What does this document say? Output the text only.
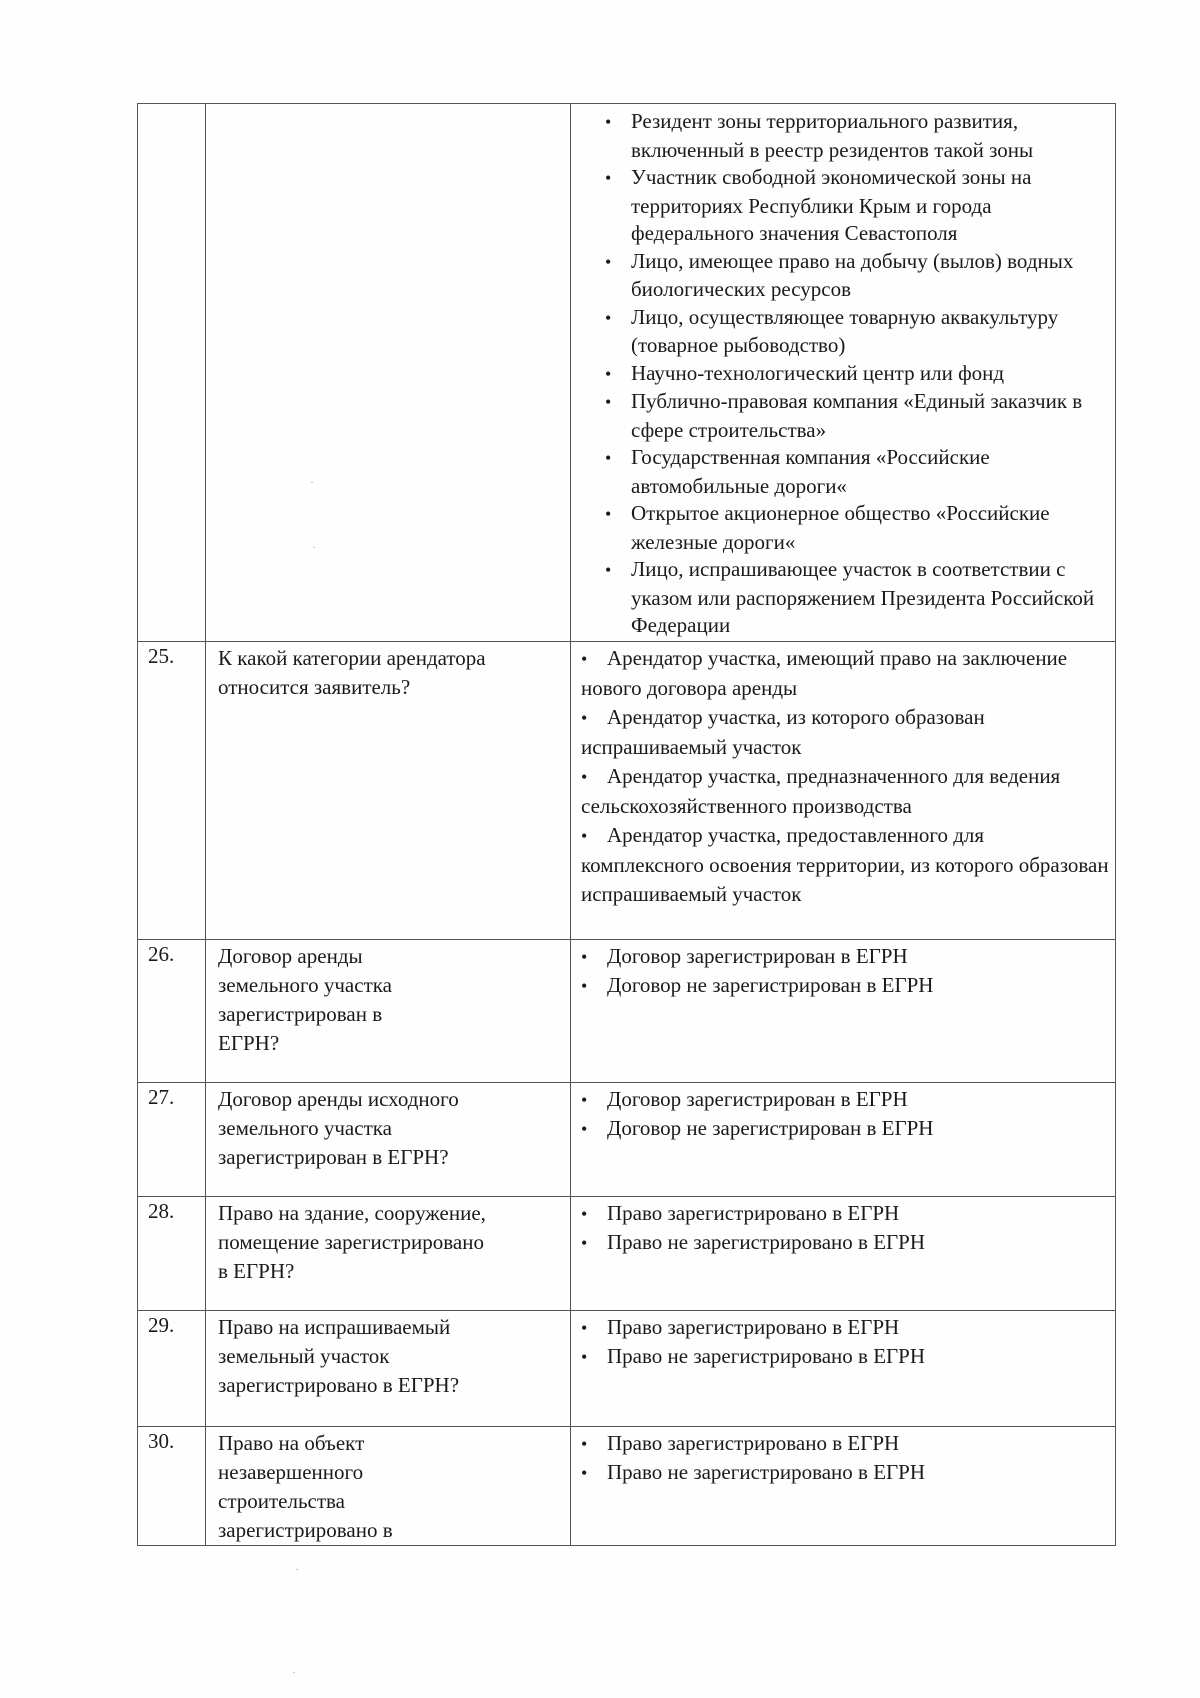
• Резидент зоны территориального развития, включенный в реестр резидентов такой зоны
• Участник свободной экономической зоны на территориях Республики Крым и города федерального значения Севастополя
• Лицо, имеющее право на добычу (вылов) водных биологических ресурсов
• Лицо, осуществляющее товарную аквакультуру (товарное рыбоводство)
• Научно-технологический центр или фонд
• Публично-правовая компания «Единый заказчик в сфере строительства»
• Государственная компания «Российские автомобильные дороги«
• Открытое акционерное общество «Российские железные дороги«
• Лицо, испрашивающее участок в соответствии с указом или распоряжением Президента Российской Федерации
25.	К какой категории арендатора относится заявитель?
• Арендатор участка, имеющий право на заключение нового договора аренды
• Арендатор участка, из которого образован испрашиваемый участок
• Арендатор участка, предназначенного для ведения сельскохозяйственного производства
• Арендатор участка, предоставленного для комплексного освоения территории, из которого образован испрашиваемый участок
26.	Договор аренды земельного участка зарегистрирован в ЕГРН?
• Договор зарегистрирован в ЕГРН
• Договор не зарегистрирован в ЕГРН
27.	Договор аренды исходного земельного участка зарегистрирован в ЕГРН?
• Договор зарегистрирован в ЕГРН
• Договор не зарегистрирован в ЕГРН
28.	Право на здание, сооружение, помещение зарегистрировано в ЕГРН?
• Право зарегистрировано в ЕГРН
• Право не зарегистрировано в ЕГРН
29.	Право на испрашиваемый земельный участок зарегистрировано в ЕГРН?
• Право зарегистрировано в ЕГРН
• Право не зарегистрировано в ЕГРН
30.	Право на объект незавершенного строительства зарегистрировано в
• Право зарегистрировано в ЕГРН
• Право не зарегистрировано в ЕГРН
·
·
·
·
